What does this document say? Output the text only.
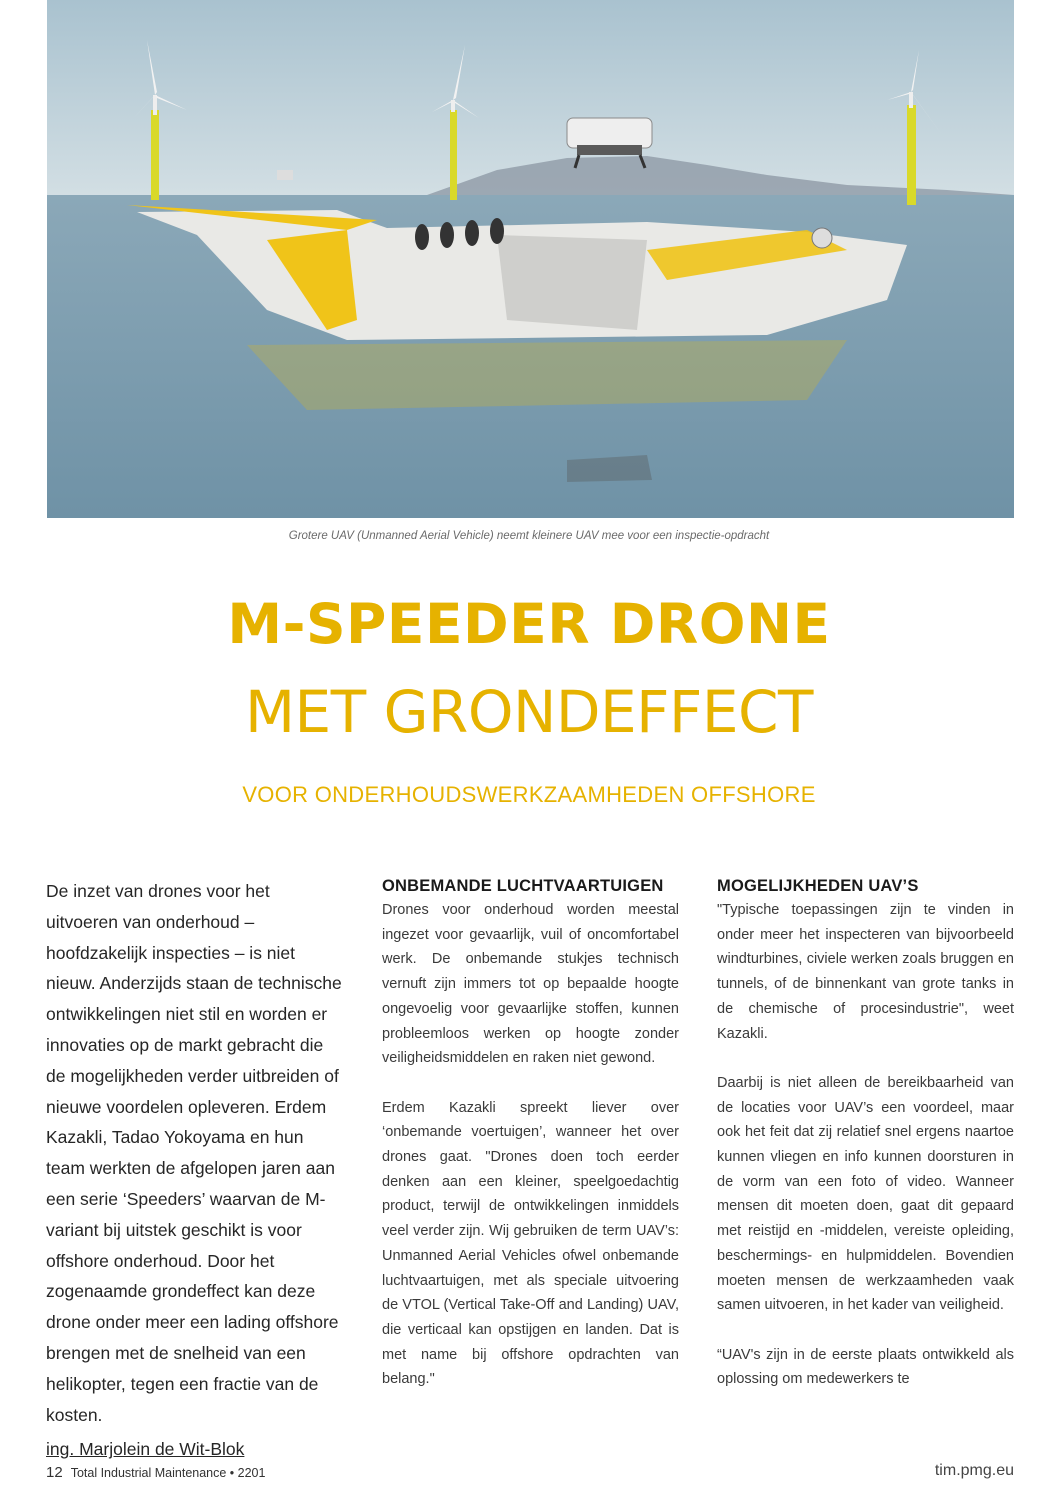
Grotere UAV (Unmanned Aerial Vehicle) neemt kleinere UAV mee voor een inspectie-opdracht
M-SPEEDER DRONE
MET GRONDEFFECT
VOOR ONDERHOUDSWERKZAAMHEDEN OFFSHORE

De inzet van drones voor het uitvoeren van onderhoud – hoofdzakelijk inspecties – is niet nieuw. Anderzijds staan de technische ontwikkelingen niet stil en worden er innovaties op de markt gebracht die de mogelijkheden verder uitbreiden of nieuwe voordelen opleveren. Erdem Kazakli, Tadao Yokoyama en hun team werkten de afgelopen jaren aan een serie ‘Speeders’ waarvan de M-variant bij uitstek geschikt is voor offshore onderhoud. Door het zogenaamde grondeffect kan deze drone onder meer een lading offshore brengen met de snelheid van een helikopter, tegen een fractie van de kosten.

ing. Marjolein de Wit-Blok

ONBEMANDE LUCHTVAARTUIGEN

Drones voor onderhoud worden meestal ingezet voor gevaarlijk, vuil of oncomfortabel werk. De onbemande stukjes technisch vernuft zijn immers tot op bepaalde hoogte ongevoelig voor gevaarlijke stoffen, kunnen probleemloos werken op hoogte zonder veiligheidsmiddelen en raken niet gewond.

Erdem Kazakli spreekt liever over ‘onbemande voertuigen’, wanneer het over drones gaat. "Drones doen toch eerder denken aan een kleiner, speelgoedachtig product, terwijl de ontwikkelingen inmiddels veel verder zijn. Wij gebruiken de term UAV’s: Unmanned Aerial Vehicles ofwel onbemande luchtvaartuigen, met als speciale uitvoering de VTOL (Vertical Take-Off and Landing) UAV, die verticaal kan opstijgen en landen. Dat is met name bij offshore opdrachten van belang."

MOGELIJKHEDEN UAV’S

"Typische toepassingen zijn te vinden in onder meer het inspecteren van bijvoorbeeld windturbines, civiele werken zoals bruggen en tunnels, of de binnenkant van grote tanks in de chemische of procesindustrie", weet Kazakli.

Daarbij is niet alleen de bereikbaarheid van de locaties voor UAV’s een voordeel, maar ook het feit dat zij relatief snel ergens naartoe kunnen vliegen en info kunnen doorsturen in de vorm van een foto of video. Wanneer mensen dit moeten doen, gaat dit gepaard met reistijd en -middelen, vereiste opleiding, beschermings- en hulpmiddelen. Bovendien moeten mensen de werkzaamheden vaak samen uitvoeren, in het kader van veiligheid.

“UAV's zijn in de eerste plaats ontwikkeld als oplossing om medewerkers te

12 Total Industrial Maintenance • 2201	tim.pmg.eu
